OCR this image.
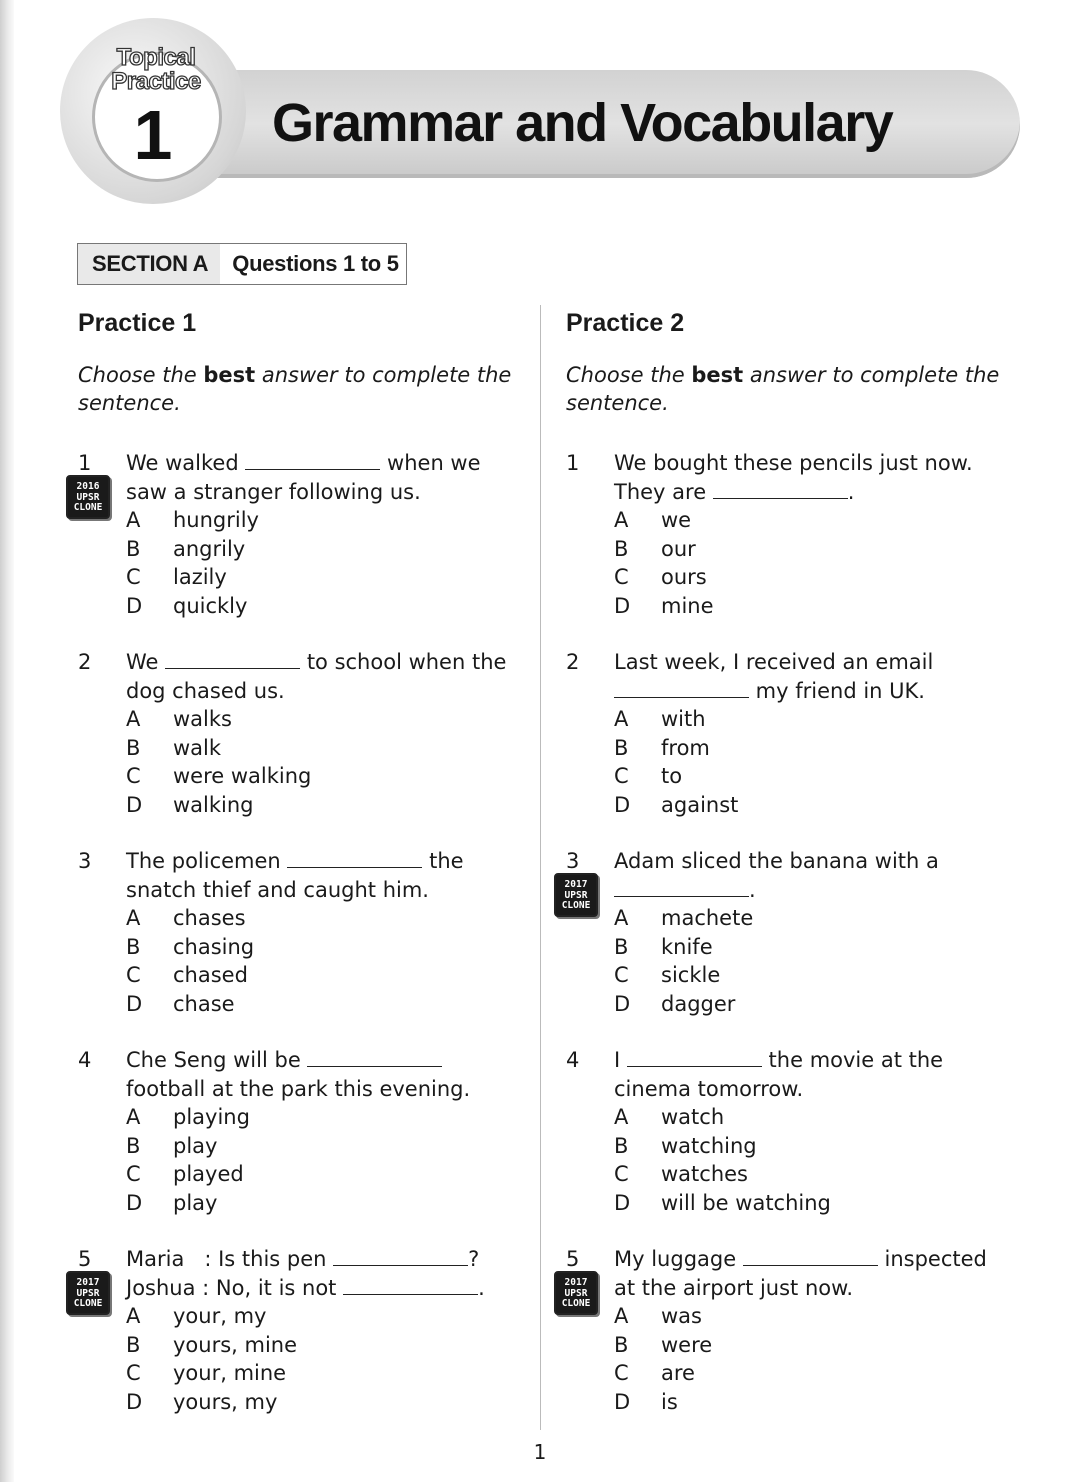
Topical
Practice
1 Grammar and Vocabulary
SECTION A	Questions 1 to 5
Practice 1
Choose the best answer to complete the sentence.
1
2016
UPSR
CLONE
We walked	when we
saw a stranger following us.
A	hungrily
B	angrily
C	lazily
D	quickly
2 We	to school when the
dog chased us.
A	walks
B	walk
C	were walking
D	walking
3 The policemen	the
snatch thief and caught him.
A	chases
B	chasing
C	chased
D	chase
4 Che Seng will be
football at the park this evening.
A	playing
B	play
C	played
D	play
5
2017
UPSR
CLONE
Maria   : Is this pen	?
Joshua : No, it is not	.
A	your, my
B	yours, mine
C	your, mine
D	yours, my
Practice 2
Choose the best answer to complete the sentence.
1 We bought these pencils just now.
They are	.
A	we
B	our
C	ours
D	mine
2 Last week, I received an email
my friend in UK.
A	with
B	from
C	to
D	against
3
2017
UPSR
CLONE
Adam sliced the banana with a
.
A	machete
B	knife
C	sickle
D	dagger
4 I	the movie at the
cinema tomorrow.
A	watch
B	watching
C	watches
D	will be watching
5
2017
UPSR
CLONE
My luggage	inspected
at the airport just now.
A	was
B	were
C	are
D	is
1
